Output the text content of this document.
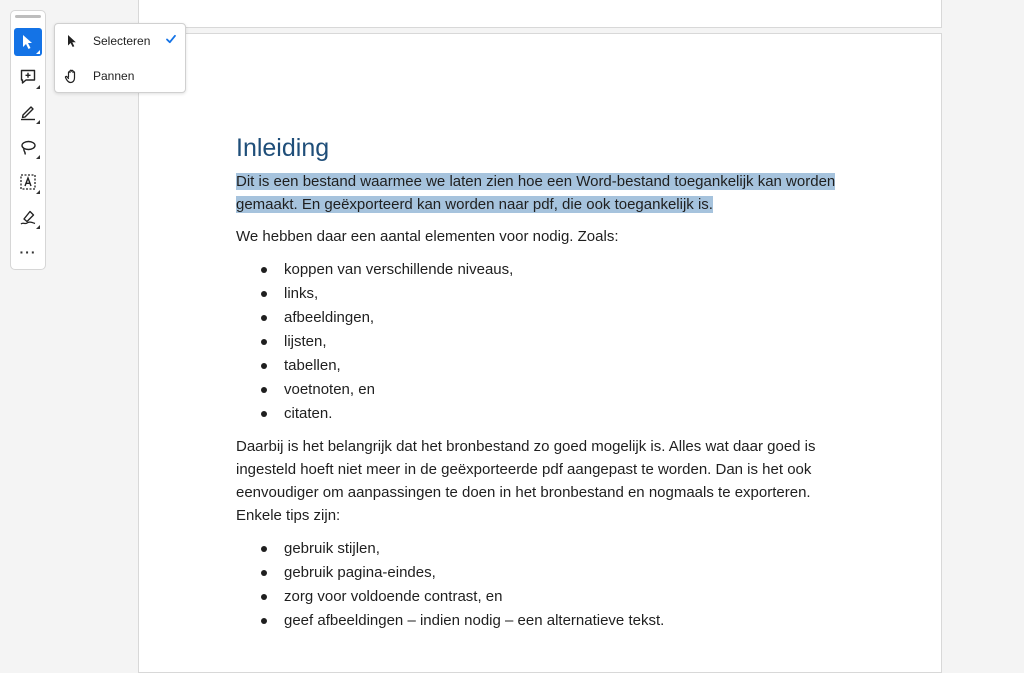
Inleiding

Dit is een bestand waarmee we laten zien hoe een Word-bestand toegankelijk kan worden gemaakt. En geëxporteerd kan worden naar pdf, die ook toegankelijk is.

We hebben daar een aantal elementen voor nodig. Zoals:

koppen van verschillende niveaus,
links,
afbeeldingen,
lijsten,
tabellen,
voetnoten, en
citaten.

Daarbij is het belangrijk dat het bronbestand zo goed mogelijk is. Alles wat daar goed is ingesteld hoeft niet meer in de geëxporteerde pdf aangepast te worden. Dan is het ook eenvoudiger om aanpassingen te doen in het bronbestand en nogmaals te exporteren. Enkele tips zijn:

gebruik stijlen,
gebruik pagina-eindes,
zorg voor voldoende contrast, en
geef afbeeldingen – indien nodig – een alternatieve tekst.
···
Selecteren
Pannen
